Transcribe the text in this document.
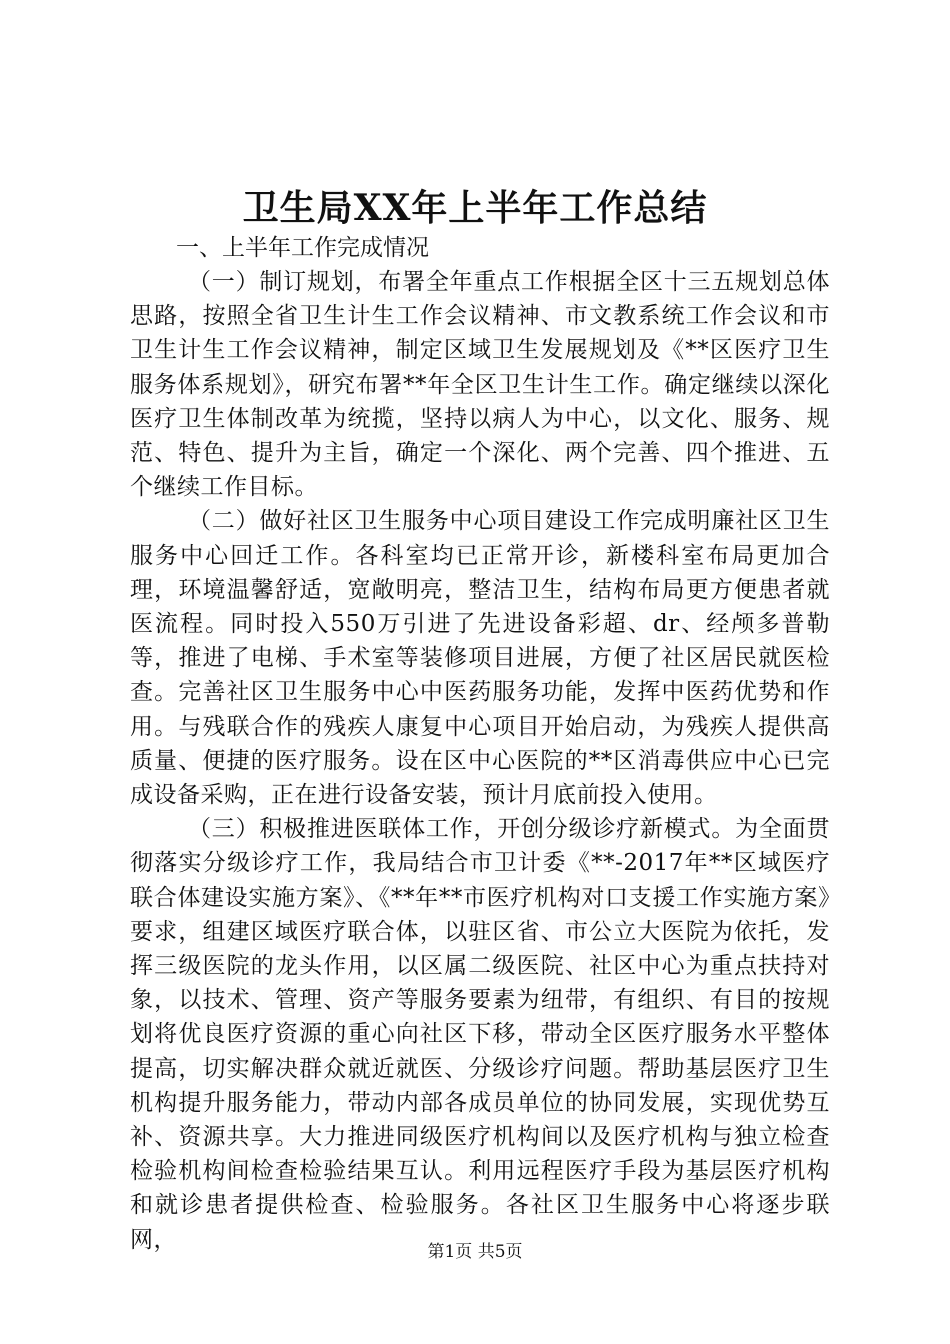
卫生局XX年上半年工作总结

一、上半年工作完成情况

（一）制订规划，布署全年重点工作根据全区十三五规划总体思路，按照全省卫生计生工作会议精神、市文教系统工作会议和市卫生计生工作会议精神，制定区域卫生发展规划及《**区医疗卫生服务体系规划》，研究布署**年全区卫生计生工作。确定继续以深化医疗卫生体制改革为统揽，坚持以病人为中心，以文化、服务、规范、特色、提升为主旨，确定一个深化、两个完善、四个推进、五个继续工作目标。

（二）做好社区卫生服务中心项目建设工作完成明廉社区卫生服务中心回迁工作。各科室均已正常开诊，新楼科室布局更加合理，环境温馨舒适，宽敞明亮，整洁卫生，结构布局更方便患者就医流程。同时投入550万引进了先进设备彩超、dr、经颅多普勒等，推进了电梯、手术室等装修项目进展，方便了社区居民就医检查。完善社区卫生服务中心中医药服务功能，发挥中医药优势和作用。与残联合作的残疾人康复中心项目开始启动，为残疾人提供高质量、便捷的医疗服务。设在区中心医院的**区消毒供应中心已完成设备采购，正在进行设备安装，预计月底前投入使用。

（三）积极推进医联体工作，开创分级诊疗新模式。为全面贯彻落实分级诊疗工作，我局结合市卫计委《**-2017年**区域医疗联合体建设实施方案》、《**年**市医疗机构对口支援工作实施方案》要求，组建区域医疗联合体，以驻区省、市公立大医院为依托，发挥三级医院的龙头作用，以区属二级医院、社区中心为重点扶持对象，以技术、管理、资产等服务要素为纽带，有组织、有目的按规划将优良医疗资源的重心向社区下移，带动全区医疗服务水平整体提高，切实解决群众就近就医、分级诊疗问题。帮助基层医疗卫生机构提升服务能力，带动内部各成员单位的协同发展，实现优势互补、资源共享。大力推进同级医疗机构间以及医疗机构与独立检查检验机构间检查检验结果互认。利用远程医疗手段为基层医疗机构和就诊患者提供检查、检验服务。各社区卫生服务中心将逐步联网，	第1页 共5页
